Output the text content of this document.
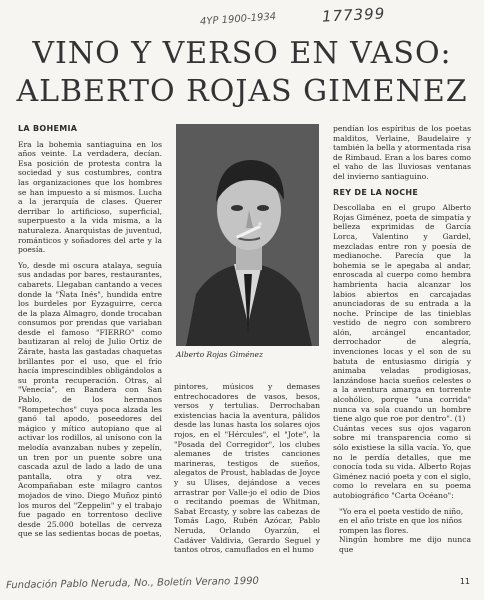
4YP 1900-1934	177399
VINO Y VERSO EN VASO:
ALBERTO ROJAS GIMENEZ
LA BOHEMIA

Era la bohemia santiaguina en los años veinte. La verdadera, decían. Esa posición de protesta contra la sociedad y sus costumbres, contra las organizaciones que los hombres se han impuesto a sí mismos. Lucha a la jerarquía de clases. Querer derribar lo artificioso, superficial, superpuesto a la vida misma, a la naturaleza. Anarquistas de juventud, románticos y soñadores del arte y la poesía.

Yo, desde mi oscura atalaya, seguía sus andadas por bares, restaurantes, cabarets. Llegaban cantando a veces donde la "Ñata Inés", hundida entre los burdeles por Eyzaguirre, cerca de la plaza Almagro, donde trocaban consumos por prendas que variaban desde el famoso "FIERRO" como bautizaran al reloj de Julio Ortiz de Zárate, hasta las gastadas chaquetas brillantes por el uso, que el frío hacía imprescindibles obligándolos a su pronta recuperación. Otras, al "Venecia", en Bandera con San Pablo, de los hermanos "Rompetechos" cuya poca alzada les ganó tal apodo, poseedores del mágico y mítico autopiano que al activar los rodillos, al unísono con la melodía avanzaban nubes y zepelín, un tren por un puente sobre una cascada azul de lado a lado de una pantalla, otra y otra vez. Acompañaban este milagro cantos mojados de vino. Diego Muñoz pintó los muros del "Zeppelin" y el trabajo fue pagado en torrentoso declive desde 25.000 botellas de cerveza que se las sedientas bocas de poetas,

Alberto Rojas Giménez

pintores, músicos y demases entrechocadores de vasos, besos, versos y tertulias. Derrochaban existencias hacia la aventura, pálidos desde las lunas hasta los solares ojos rojos, en el "Hércules", el "Jote", la "Posada del Corregidor", los clubes alemanes de tristes canciones marineras, testigos de sueños, alegatos de Proust, habladas de Joyce y su Ulises, dejándose a veces arrastrar por Valle-jo el odio de Dios o recitando poemas de Whitman, Sabat Ercasty, y sobre las cabezas de Tomás Lago, Rubén Azócar, Pablo Neruda, Orlando Oyarzún, el Cadáver Valdivia, Gerardo Seguel y tantos otros, camuflados en el humo

pendían los espíritus de los poetas malditos, Verlaine, Baudelaire y también la bella y atormentada risa de Rimbaud. Eran a los bares como el vaho de las lluviosas ventanas del invierno santiaguino.

REY DE LA NOCHE

Descollaba en el grupo Alberto Rojas Giménez, poeta de simpatía y belleza exprimidas de García Lorca, Valentino y Gardel, mezcladas entre ron y poesía de medianoche. Parecía que la bohemia se le apegaba al andar, enroscada al cuerpo como hembra hambrienta hacia alcanzar los labios abiertos en carcajadas anunciadoras de su entrada a la noche. Príncipe de las tinieblas vestido de negro con sombrero alón, arcángel encantador, derrochador de alegría, invenciones locas y el son de su batuta de entusiasmo dirigía y animaba veladas prodigiosas, lanzándose hacia sueños celestes o a la aventura amarga en torrente alcohólico, porque "una corrida" nunca va sola cuando un hombre tiene algo que roe por dentro". (1)

Cuántas veces sus ojos vagaron sobre mi transparencia como si sólo existiese la silla vacía. Yo, que no le perdía detalles, que me conocía toda su vida. Alberto Rojas Giménez nació poeta y con el siglo, como lo revelara en su poema autobiográfico "Carta Océano":

"Yo era el poeta vestido de niño,

en el año triste en que los niños

rompen las flores.

Ningún hombre me dijo nunca que

11
Fundación Pablo Neruda, No., Boletín Verano 1990
